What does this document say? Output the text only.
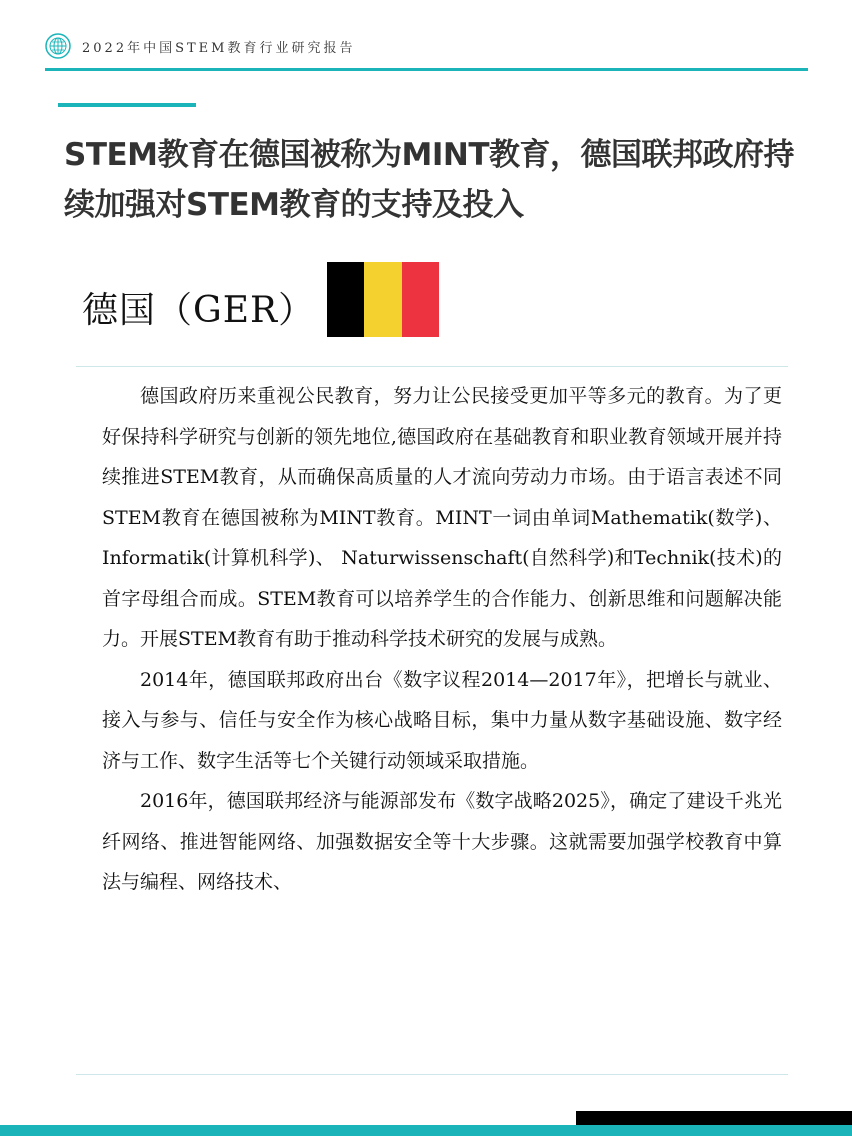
2022年中国STEM教育行业研究报告
STEM教育在德国被称为MINT教育，德国联邦政府持续加强对STEM教育的支持及投入
德国（GER）

德国政府历来重视公民教育，努力让公民接受更加平等多元的教育。为了更好保持科学研究与创新的领先地位,德国政府在基础教育和职业教育领域开展并持续推进STEM教育，从而确保高质量的人才流向劳动力市场。由于语言表述不同STEM教育在德国被称为MINT教育。MINT一词由单词Mathematik(数学)、Informatik(计算机科学)、 Naturwissenschaft(自然科学)和Technik(技术)的首字母组合而成。STEM教育可以培养学生的合作能力、创新思维和问题解决能力。开展STEM教育有助于推动科学技术研究的发展与成熟。

2014年，德国联邦政府出台《数字议程2014—2017年》，把增长与就业、接入与参与、信任与安全作为核心战略目标，集中力量从数字基础设施、数字经济与工作、数字生活等七个关键行动领域采取措施。

2016年，德国联邦经济与能源部发布《数字战略2025》，确定了建设千兆光纤网络、推进智能网络、加强数据安全等十大步骤。这就需要加强学校教育中算法与编程、网络技术、
